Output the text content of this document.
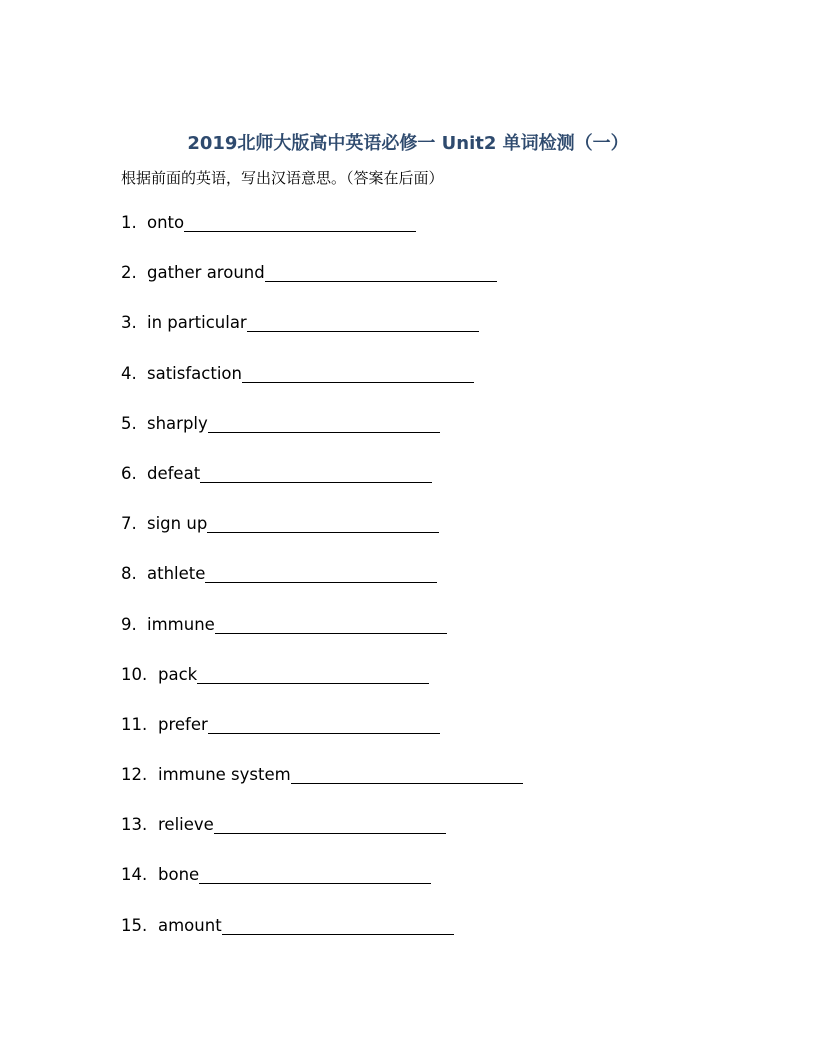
2019北师大版高中英语必修一 Unit2 单词检测（一）
根据前面的英语，写出汉语意思。（答案在后面）
1. onto
2. gather around
3. in particular
4. satisfaction
5. sharply
6. defeat
7. sign up
8. athlete
9. immune
10. pack
11. prefer
12. immune system
13. relieve
14. bone
15. amount
